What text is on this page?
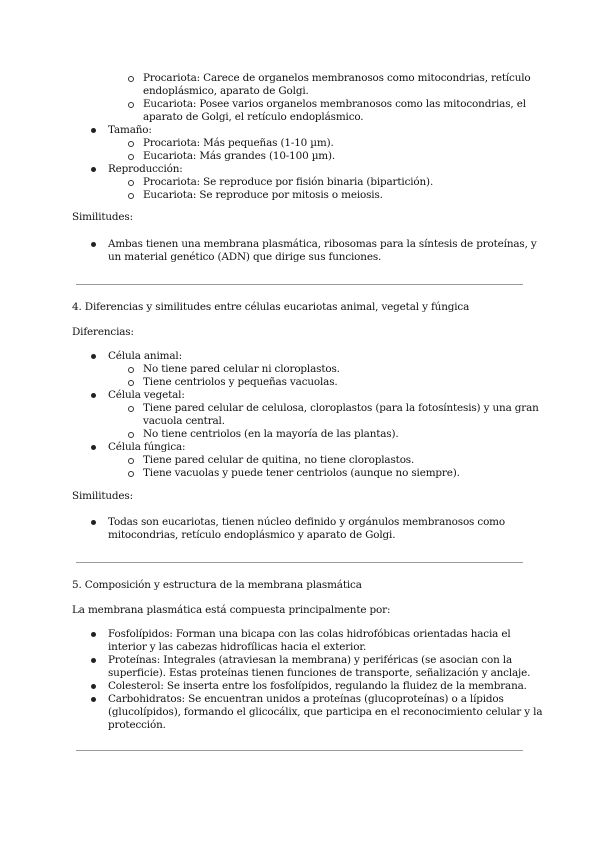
Procariota: Carece de organelos membranosos como mitocondrias, retículo
endoplásmico, aparato de Golgi.
Eucariota: Posee varios organelos membranosos como las mitocondrias, el
aparato de Golgi, el retículo endoplásmico.
Tamaño:
Procariota: Más pequeñas (1-10 µm).
Eucariota: Más grandes (10-100 µm).
Reproducción:
Procariota: Se reproduce por fisión binaria (bipartición).
Eucariota: Se reproduce por mitosis o meiosis.
Similitudes:
Ambas tienen una membrana plasmática, ribosomas para la síntesis de proteínas, y
un material genético (ADN) que dirige sus funciones.
4. Diferencias y similitudes entre células eucariotas animal, vegetal y fúngica
Diferencias:
Célula animal:
No tiene pared celular ni cloroplastos.
Tiene centriolos y pequeñas vacuolas.
Célula vegetal:
Tiene pared celular de celulosa, cloroplastos (para la fotosíntesis) y una gran
vacuola central.
No tiene centriolos (en la mayoría de las plantas).
Célula fúngica:
Tiene pared celular de quitina, no tiene cloroplastos.
Tiene vacuolas y puede tener centriolos (aunque no siempre).
Similitudes:
Todas son eucariotas, tienen núcleo definido y orgánulos membranosos como
mitocondrias, retículo endoplásmico y aparato de Golgi.
5. Composición y estructura de la membrana plasmática
La membrana plasmática está compuesta principalmente por:
Fosfolípidos: Forman una bicapa con las colas hidrofóbicas orientadas hacia el
interior y las cabezas hidrofílicas hacia el exterior.
Proteínas: Integrales (atraviesan la membrana) y periféricas (se asocian con la
superficie). Estas proteínas tienen funciones de transporte, señalización y anclaje.
Colesterol: Se inserta entre los fosfolípidos, regulando la fluidez de la membrana.
Carbohidratos: Se encuentran unidos a proteínas (glucoproteínas) o a lípidos
(glucolípidos), formando el glicocálix, que participa en el reconocimiento celular y la
protección.
